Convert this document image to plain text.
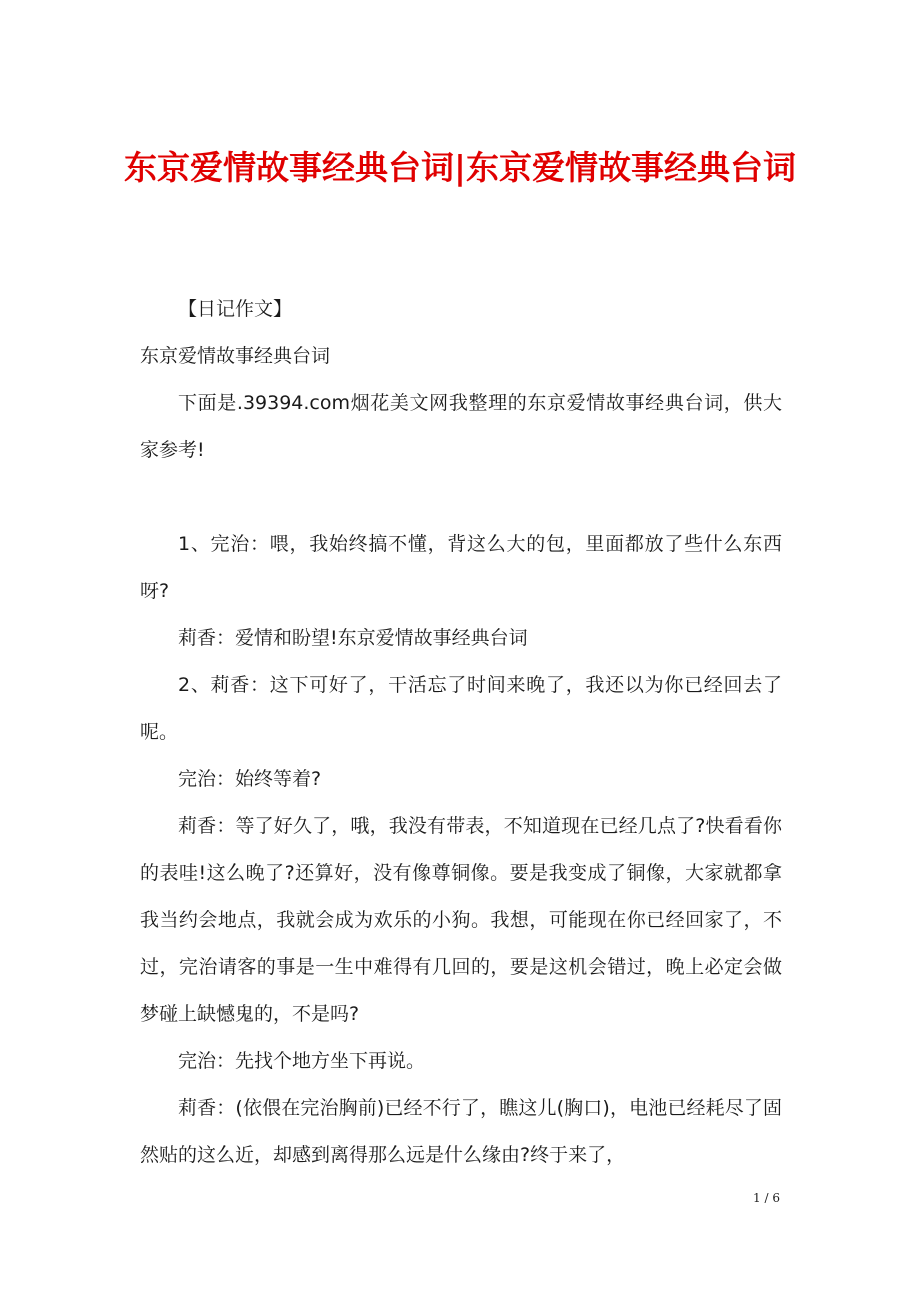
东京爱情故事经典台词|东京爱情故事经典台词

【日记作文】

东京爱情故事经典台词

下面是.39394.com烟花美文网我整理的东京爱情故事经典台词，供大家参考!

1、完治：喂，我始终搞不懂，背这么大的包，里面都放了些什么东西呀?

莉香：爱情和盼望!东京爱情故事经典台词

2、莉香：这下可好了，干活忘了时间来晚了，我还以为你已经回去了呢。

完治：始终等着?

莉香：等了好久了，哦，我没有带表，不知道现在已经几点了?快看看你的表哇!这么晚了?还算好，没有像尊铜像。要是我变成了铜像，大家就都拿我当约会地点，我就会成为欢乐的小狗。我想，可能现在你已经回家了，不过，完治请客的事是一生中难得有几回的，要是这机会错过，晚上必定会做梦碰上缺憾鬼的，不是吗?

完治：先找个地方坐下再说。

莉香：(依偎在完治胸前)已经不行了，瞧这儿(胸口)，电池已经耗尽了固然贴的这么近，却感到离得那么远是什么缘由?终于来了，

1 / 6
